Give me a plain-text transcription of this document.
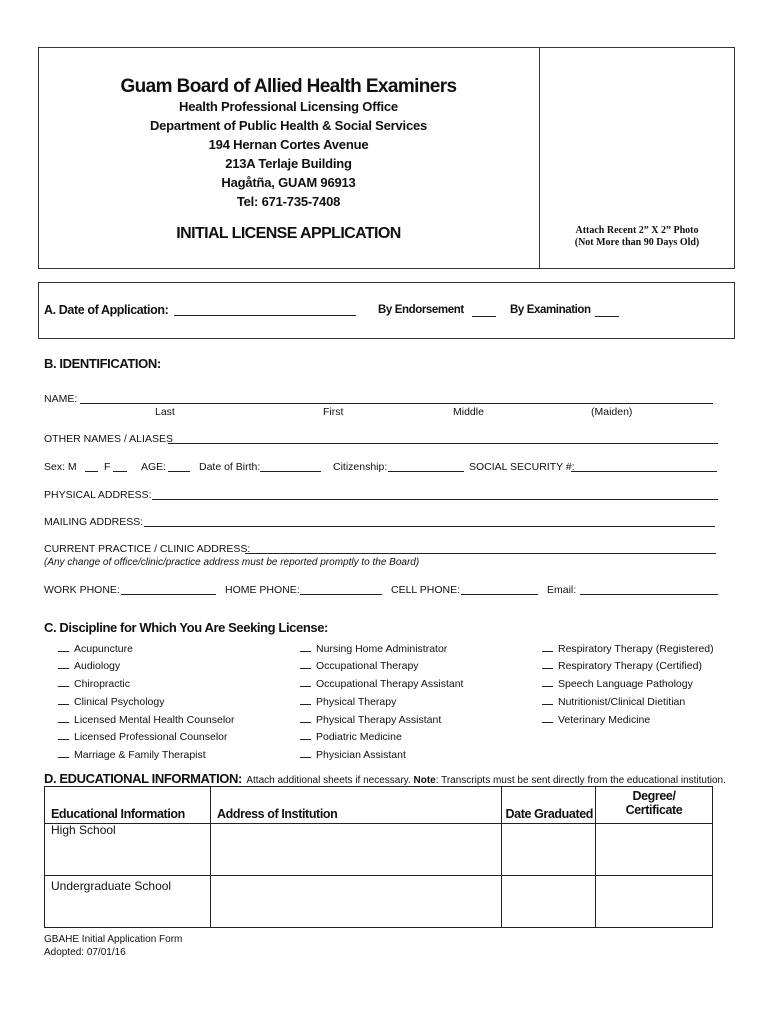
Guam Board of Allied Health Examiners
Health Professional Licensing Office
Department of Public Health & Social Services
194 Hernan Cortes Avenue
213A Terlaje Building
Hagåtña, GUAM 96913
Tel: 671-735-7408
INITIAL LICENSE APPLICATION	Attach Recent 2” X 2” Photo
(Not More than 90 Days Old)
A. Date of Application:	By Endorsement	By Examination
B. IDENTIFICATION:
NAME:
Last	First	Middle	(Maiden)
OTHER NAMES / ALIASES
Sex: M	F	AGE:	Date of Birth:	Citizenship:	SOCIAL SECURITY #:
PHYSICAL ADDRESS:
MAILING ADDRESS:
CURRENT PRACTICE / CLINIC ADDRESS:
(Any change of office/clinic/practice address must be reported promptly to the Board)
WORK PHONE:	HOME PHONE:	CELL PHONE:	Email:
C. Discipline for Which You Are Seeking License:
Acupuncture
Audiology
Chiropractic
Clinical Psychology
Licensed Mental Health Counselor
Licensed Professional Counselor
Marriage & Family Therapist
Nursing Home Administrator
Occupational Therapy
Occupational Therapy Assistant
Physical Therapy
Physical Therapy Assistant
Podiatric Medicine
Physician Assistant
Respiratory Therapy (Registered)
Respiratory Therapy (Certified)
Speech Language Pathology
Nutritionist/Clinical Dietitian
Veterinary Medicine
D. EDUCATIONAL INFORMATION: Attach additional sheets if necessary. Note: Transcripts must be sent directly from the educational institution.
Educational Information	Address of Institution	Date Graduated	Degree/
Certificate

High School			

Undergraduate School			

GBAHE Initial Application Form
Adopted: 07/01/16
